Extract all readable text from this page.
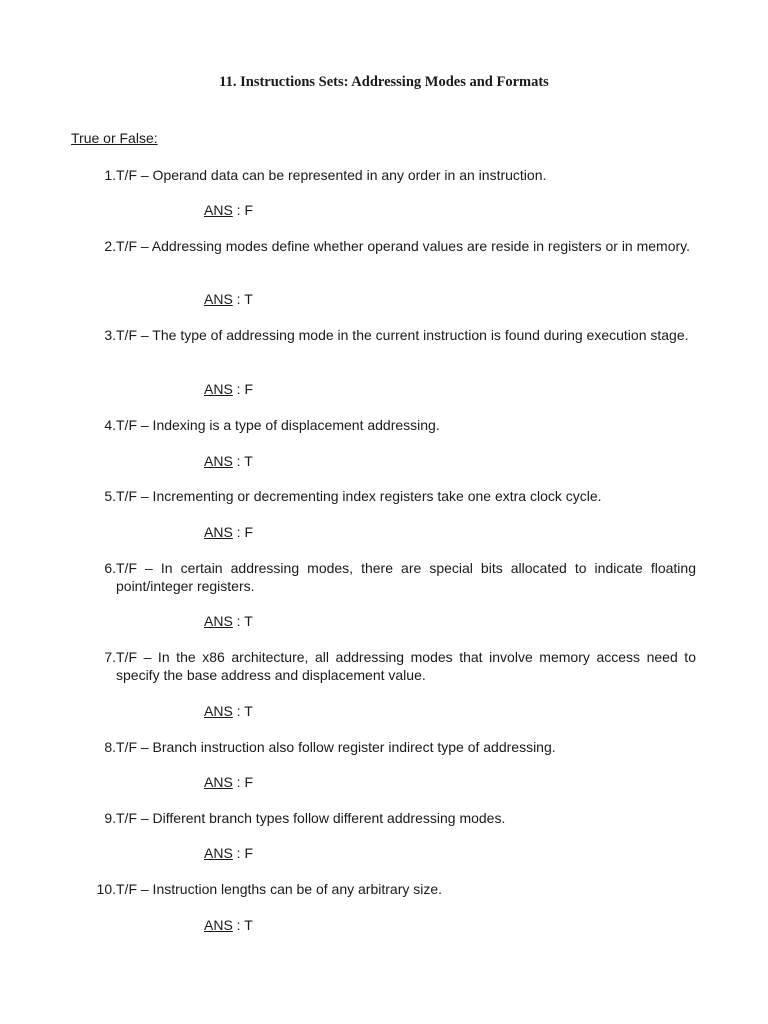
11. Instructions Sets: Addressing Modes and Formats
True or False:
1. T/F – Operand data can be represented in any order in an instruction.
ANS : F
2. T/F – Addressing modes define whether operand values are reside in registers or in memory.
ANS : T
3. T/F – The type of addressing mode in the current instruction is found during execution stage.
ANS : F
4. T/F – Indexing is a type of displacement addressing.
ANS : T
5. T/F – Incrementing or decrementing index registers take one extra clock cycle.
ANS : F
6. T/F – In certain addressing modes, there are special bits allocated to indicate floating point/integer registers.
ANS : T
7. T/F – In the x86 architecture, all addressing modes that involve memory access need to specify the base address and displacement value.
ANS : T
8. T/F – Branch instruction also follow register indirect type of addressing.
ANS : F
9. T/F – Different branch types follow different addressing modes.
ANS : F
10. T/F – Instruction lengths can be of any arbitrary size.
ANS : T
